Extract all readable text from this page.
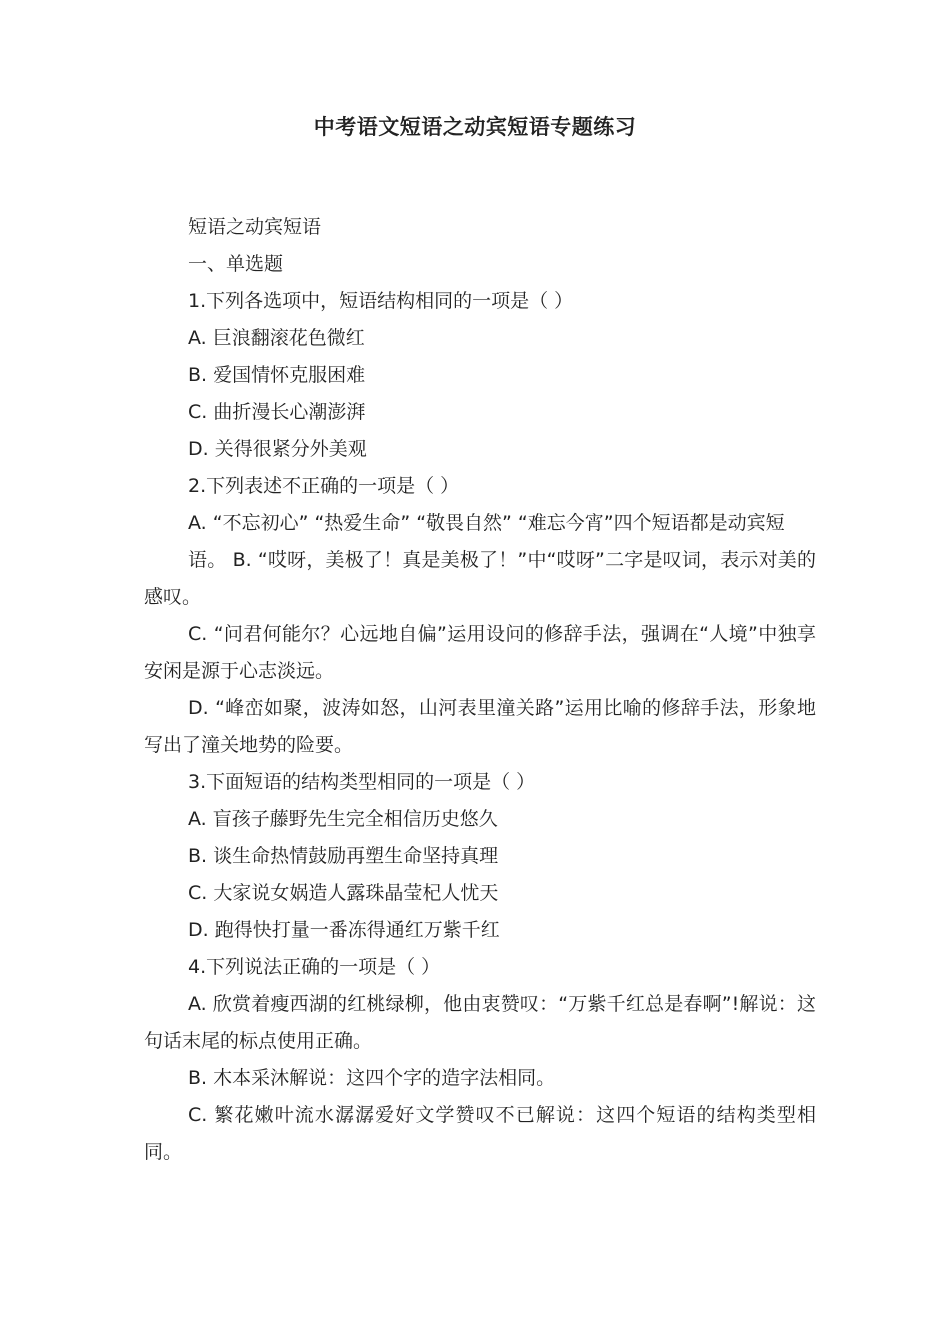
中考语文短语之动宾短语专题练习

短语之动宾短语

一、单选题

1.下列各选项中，短语结构相同的一项是（ ）

A. 巨浪翻滚花色微红

B. 爱国情怀克服困难

C. 曲折漫长心潮澎湃

D. 关得很紧分外美观

2.下列表述不正确的一项是（ ）

A. “不忘初心” “热爱生命” “敬畏自然” “难忘今宵”四个短语都是动宾短

语。 B. “哎呀，美极了！真是美极了！”中“哎呀”二字是叹词，表示对美的感叹。

C. “问君何能尔？心远地自偏”运用设问的修辞手法，强调在“人境”中独享安闲是源于心志淡远。

D. “峰峦如聚，波涛如怒，山河表里潼关路”运用比喻的修辞手法，形象地写出了潼关地势的险要。

3.下面短语的结构类型相同的一项是（ ）

A. 盲孩子藤野先生完全相信历史悠久

B. 谈生命热情鼓励再塑生命坚持真理

C. 大家说女娲造人露珠晶莹杞人忧天

D. 跑得快打量一番冻得通红万紫千红

4.下列说法正确的一项是（ ）

A. 欣赏着瘦西湖的红桃绿柳，他由衷赞叹：“万紫千红总是春啊”!解说：这句话末尾的标点使用正确。

B. 木本采沐解说：这四个字的造字法相同。

C. 繁花嫩叶流水潺潺爱好文学赞叹不已解说：这四个短语的结构类型相同。
